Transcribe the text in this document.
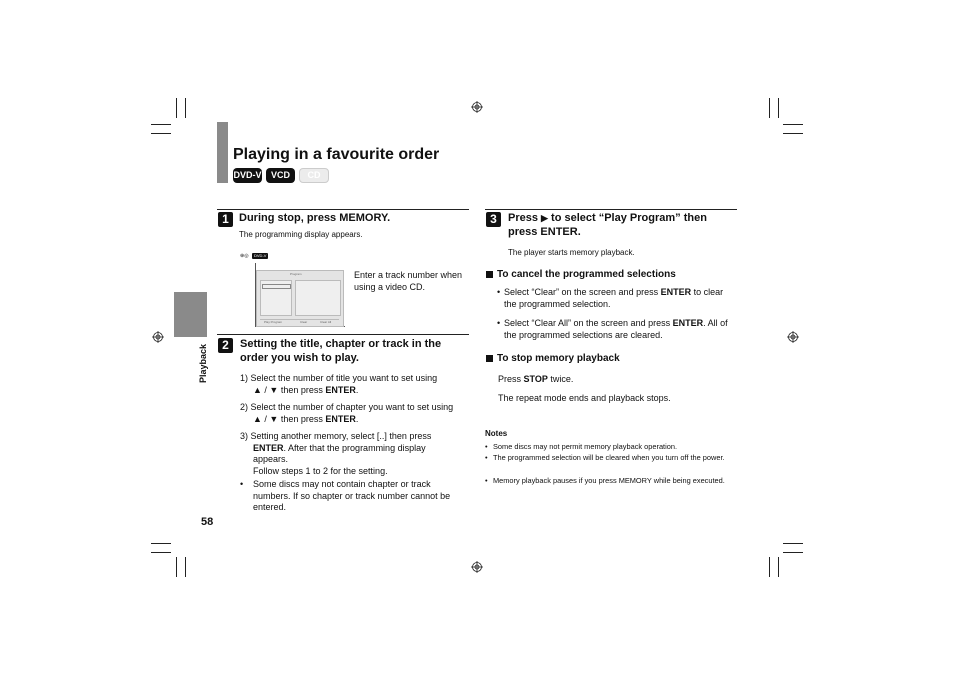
Playing in a favourite order
DVD-V	VCD	CD
Playback
58
1 During stop, press MEMORY.
The programming display appears.
⊕◎	DVD-V
Program
Play Program	Clear	Clear All
Enter a track number when using a video CD.
2	Setting the title, chapter or track in the order you wish to play.
1) Select the number of title you want to set using
▲ / ▼ then press ENTER.
2) Select the number of chapter you want to set using
▲ / ▼ then press ENTER.
3) Setting another memory, select [..] then press
ENTER. After that the programming display appears.
Follow steps 1 to 2 for the setting.
•	Some discs may not contain chapter or track numbers. If so chapter or track number cannot be entered.
3	Press ▶ to select “Play Program” then press ENTER.
The player starts memory playback.
To cancel the programmed selections
• Select “Clear” on the screen and press ENTER to clear the programmed selection.
• Select “Clear All” on the screen and press ENTER. All of the programmed selections are cleared.
To stop memory playback
Press STOP twice.
The repeat mode ends and playback stops.
Notes
• Some discs may not permit memory playback operation.
• The programmed selection will be cleared when you turn off the power.
• Memory playback pauses if you press MEMORY while being executed.
